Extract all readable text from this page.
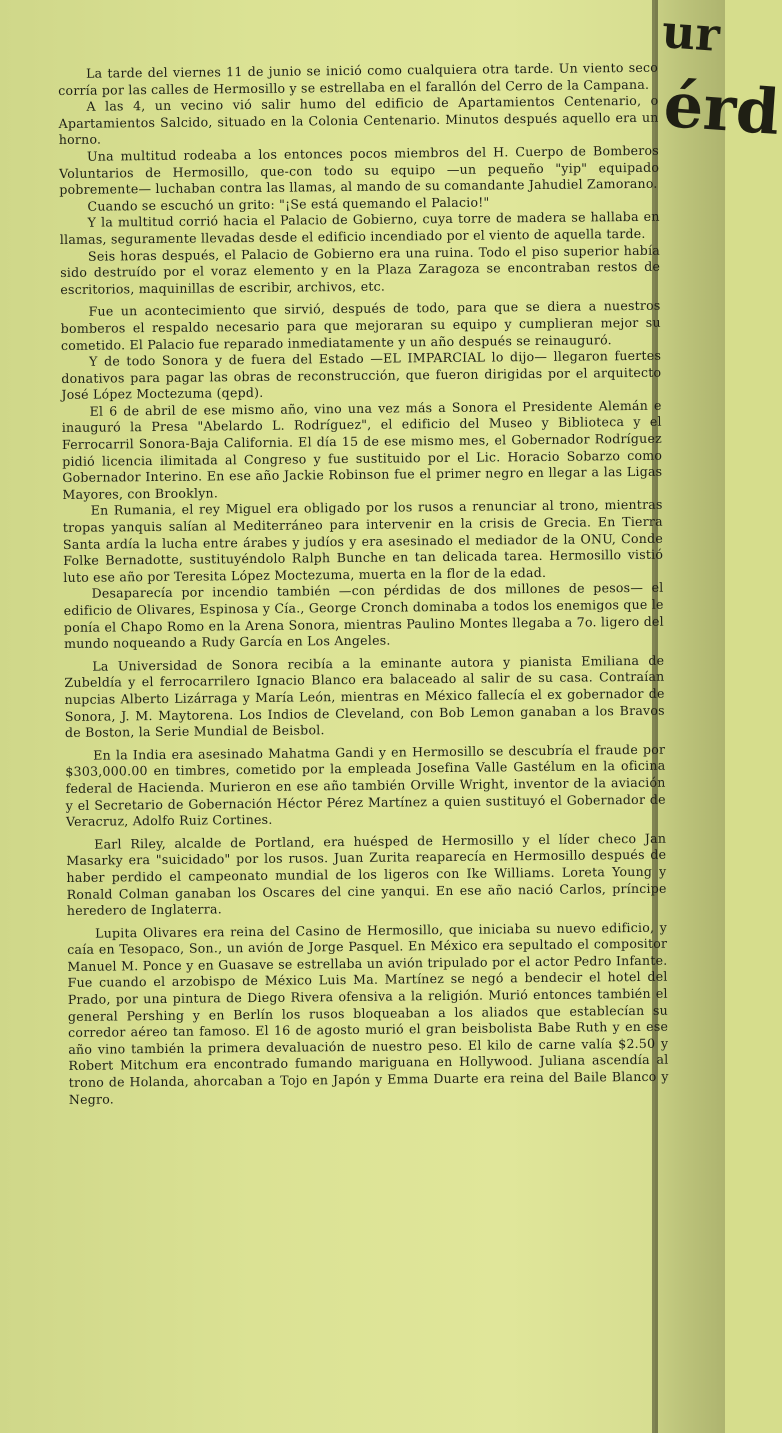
ur
érd

La tarde del viernes 11 de junio se inició como cualquiera otra tarde. Un viento seco corría por las calles de Hermosillo y se estrellaba en el farallón del Cerro de la Campana.

A las 4, un vecino vió salir humo del edificio de Apartamientos Centenario, o Apartamientos Salcido, situado en la Colonia Centenario. Minutos después aquello era un horno.

Una multitud rodeaba a los entonces pocos miembros del H. Cuerpo de Bomberos Voluntarios de Hermosillo, que-con todo su equipo —un pequeño "yip" equipado pobremente— luchaban contra las llamas, al mando de su comandante Jahudiel Zamorano.

Cuando se escuchó un grito: "¡Se está quemando el Palacio!"

Y la multitud corrió hacia el Palacio de Gobierno, cuya torre de madera se hallaba en llamas, seguramente llevadas desde el edificio incendiado por el viento de aquella tarde.

Seis horas después, el Palacio de Gobierno era una ruina. Todo el piso superior había sido destruído por el voraz elemento y en la Plaza Zaragoza se encontraban restos de escritorios, maquinillas de escribir, archivos, etc.

Fue un acontecimiento que sirvió, después de todo, para que se diera a nuestros bomberos el respaldo necesario para que mejoraran su equipo y cumplieran mejor su cometido. El Palacio fue reparado inmediatamente y un año después se reinauguró.

Y de todo Sonora y de fuera del Estado —EL IMPARCIAL lo dijo— llegaron fuertes donativos para pagar las obras de reconstrucción, que fueron dirigidas por el arquitecto José López Moctezuma (qepd).

El 6 de abril de ese mismo año, vino una vez más a Sonora el Presidente Alemán e inauguró la Presa "Abelardo L. Rodríguez", el edificio del Museo y Biblioteca y el Ferrocarril Sonora-Baja California. El día 15 de ese mismo mes, el Gobernador Rodríguez pidió licencia ilimitada al Congreso y fue sustituido por el Lic. Horacio Sobarzo como Gobernador Interino. En ese año Jackie Robinson fue el primer negro en llegar a las Ligas Mayores, con Brooklyn.

En Rumania, el rey Miguel era obligado por los rusos a renunciar al trono, mientras tropas yanquis salían al Mediterráneo para intervenir en la crisis de Grecia. En Tierra Santa ardía la lucha entre árabes y judíos y era asesinado el mediador de la ONU, Conde Folke Bernadotte, sustituyéndolo Ralph Bunche en tan delicada tarea. Hermosillo vistió luto ese año por Teresita López Moctezuma, muerta en la flor de la edad.

Desaparecía por incendio también —con pérdidas de dos millones de pesos— el edificio de Olivares, Espinosa y Cía., George Cronch dominaba a todos los enemigos que le ponía el Chapo Romo en la Arena Sonora, mientras Paulino Montes llegaba a 7o. ligero del mundo noqueando a Rudy García en Los Angeles.

La Universidad de Sonora recibía a la eminante autora y pianista Emiliana de Zubeldía y el ferrocarrilero Ignacio Blanco era balaceado al salir de su casa. Contraían nupcias Alberto Lizárraga y María León, mientras en México fallecía el ex gobernador de Sonora, J. M. Maytorena. Los Indios de Cleveland, con Bob Lemon ganaban a los Bravos de Boston, la Serie Mundial de Beisbol.

En la India era asesinado Mahatma Gandi y en Hermosillo se descubría el fraude por $303,000.00 en timbres, cometido por la empleada Josefina Valle Gastélum en la oficina federal de Hacienda. Murieron en ese año también Orville Wright, inventor de la aviación y el Secretario de Gobernación Héctor Pérez Martínez a quien sustituyó el Gobernador de Veracruz, Adolfo Ruiz Cortines.

Earl Riley, alcalde de Portland, era huésped de Hermosillo y el líder checo Jan Masarky era "suicidado" por los rusos. Juan Zurita reaparecía en Hermosillo después de haber perdido el campeonato mundial de los ligeros con Ike Williams. Loreta Young y Ronald Colman ganaban los Oscares del cine yanqui. En ese año nació Carlos, príncipe heredero de Inglaterra.

Lupita Olivares era reina del Casino de Hermosillo, que iniciaba su nuevo edificio, y caía en Tesopaco, Son., un avión de Jorge Pasquel. En México era sepultado el compositor Manuel M. Ponce y en Guasave se estrellaba un avión tripulado por el actor Pedro Infante. Fue cuando el arzobispo de México Luis Ma. Martínez se negó a bendecir el hotel del Prado, por una pintura de Diego Rivera ofensiva a la religión. Murió entonces también el general Pershing y en Berlín los rusos bloqueaban a los aliados que establecían su corredor aéreo tan famoso. El 16 de agosto murió el gran beisbolista Babe Ruth y en ese año vino también la primera devaluación de nuestro peso. El kilo de carne valía $2.50 y Robert Mitchum era encontrado fumando mariguana en Hollywood. Juliana ascendía al trono de Holanda, ahorcaban a Tojo en Japón y Emma Duarte era reina del Baile Blanco y Negro.
